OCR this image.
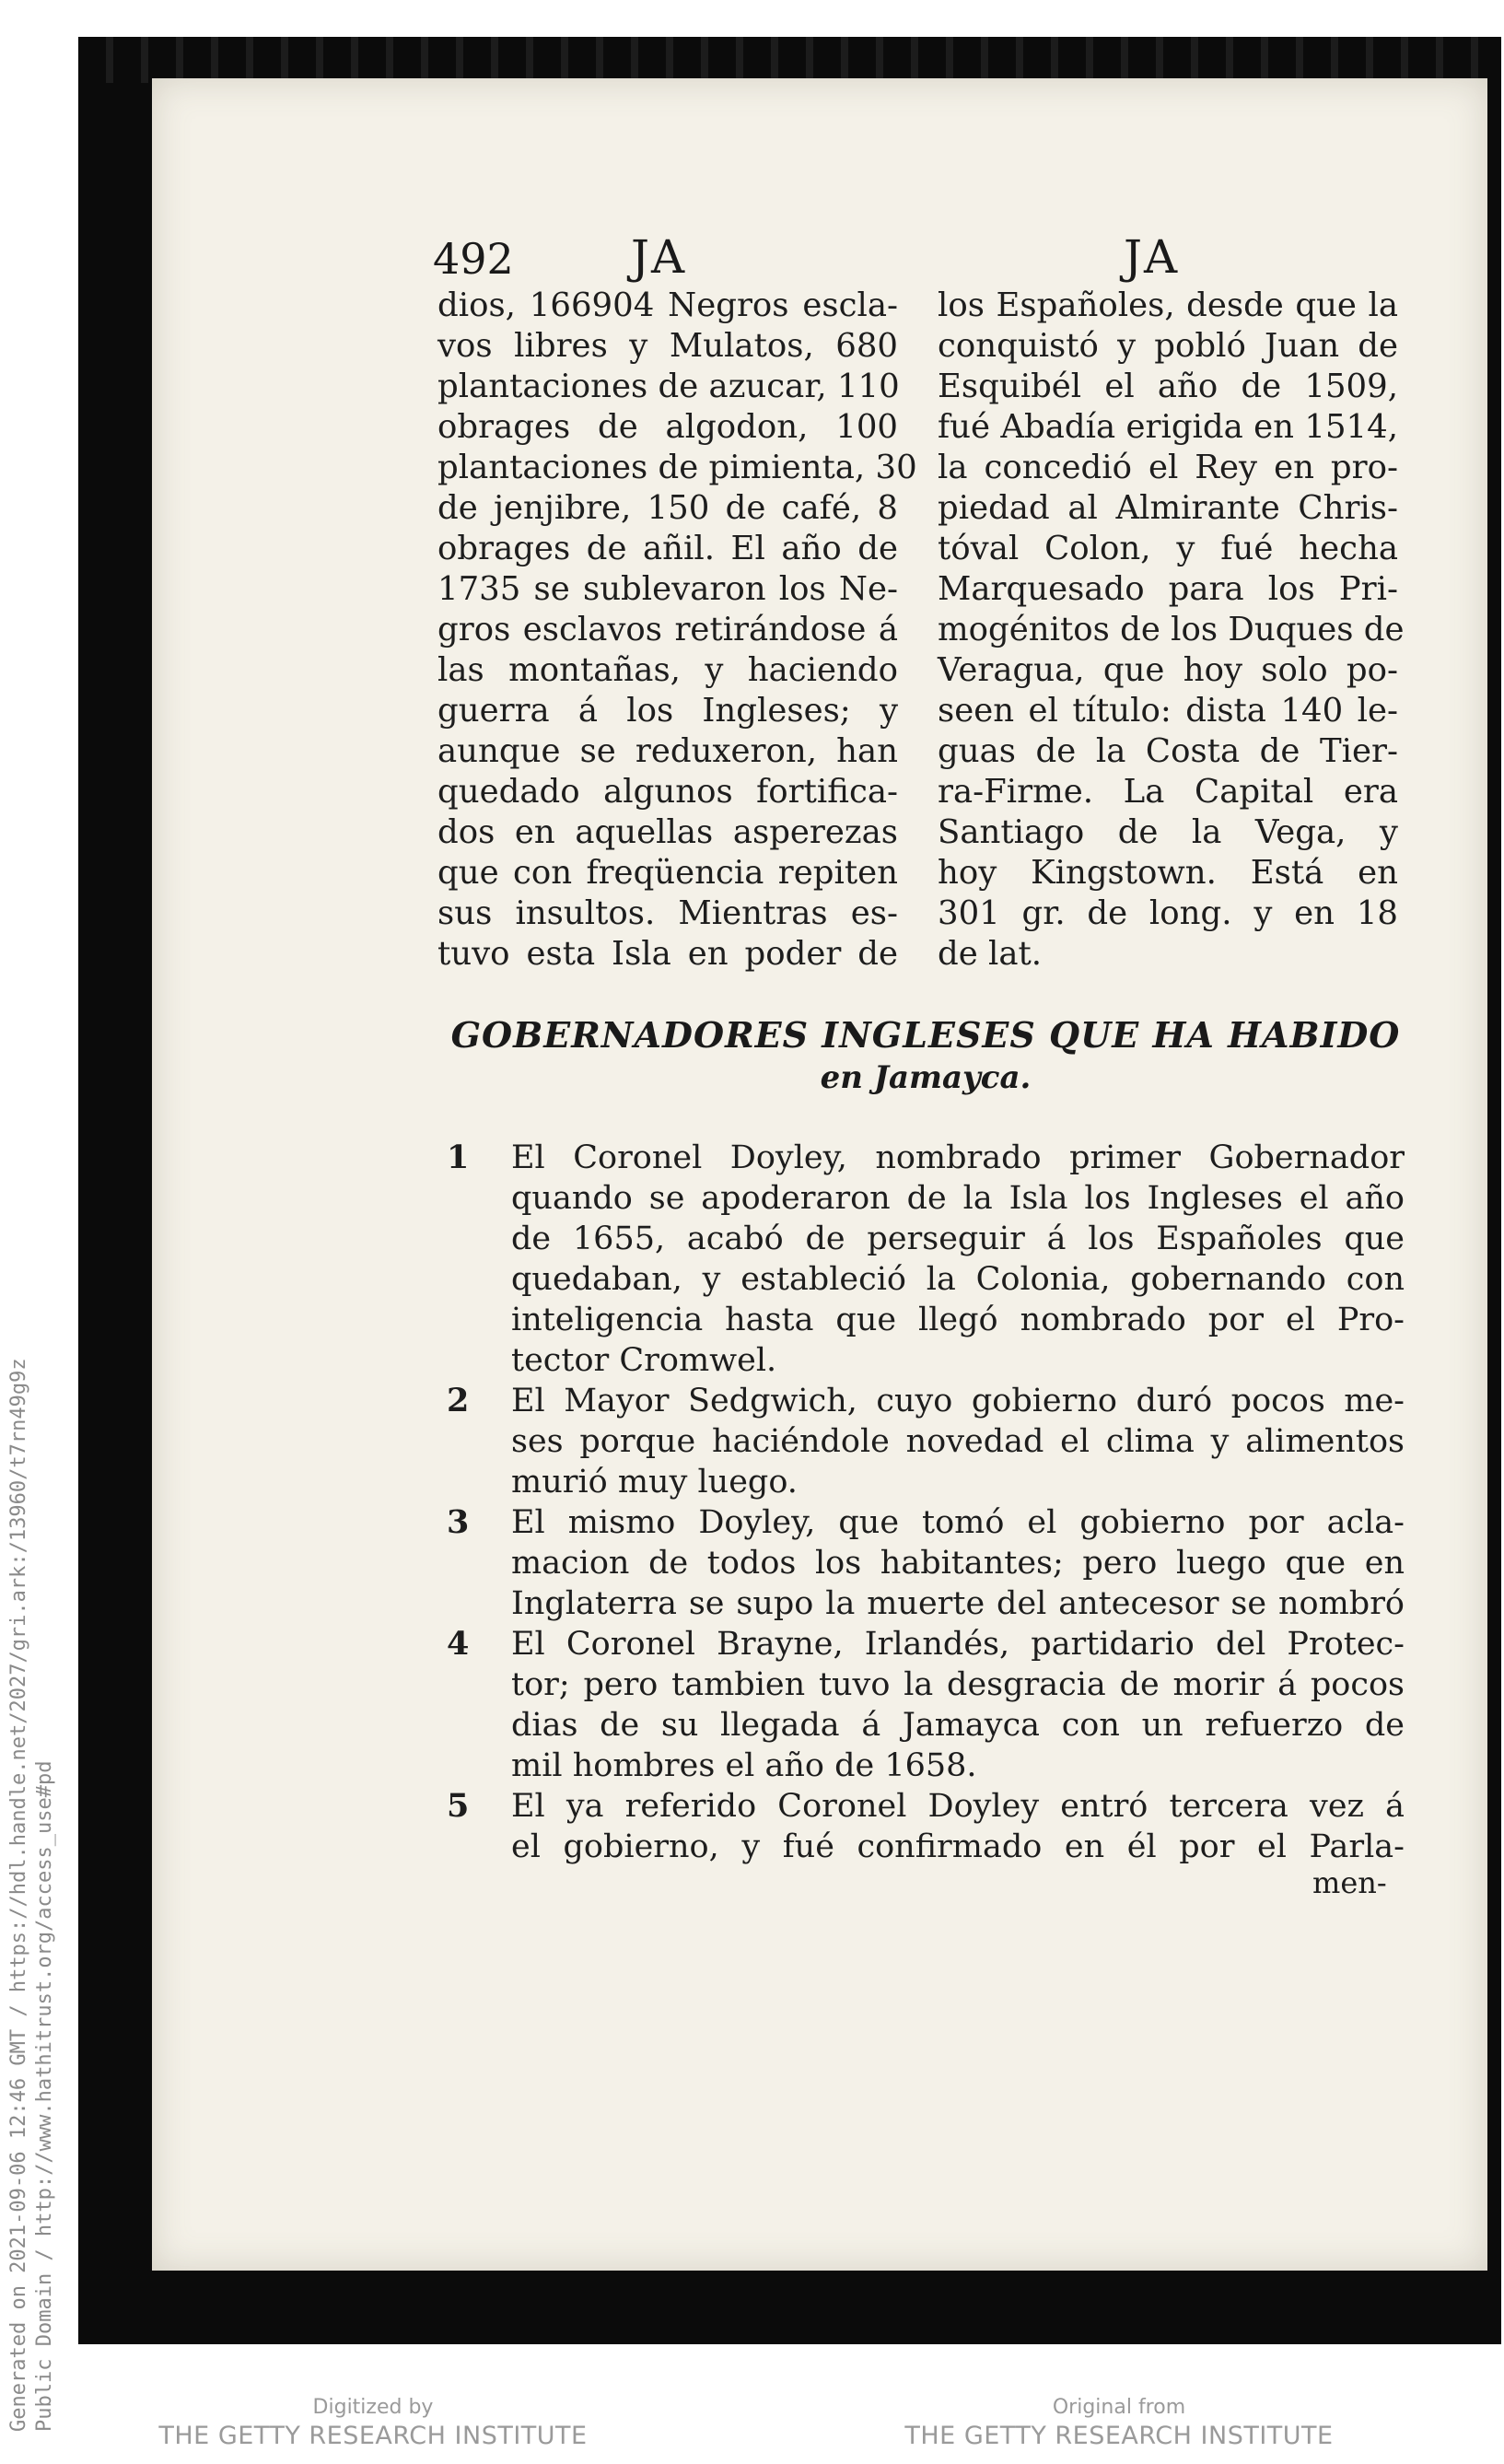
Generated on 2021-09-06 12:46 GMT / https://hdl.handle.net/2027/gri.ark:/13960/t7rn49g9z Public Domain / http://www.hathitrust.org/access_use#pd
492	JA	JA
dios, 166904 Negros escla-
vos libres y Mulatos, 680
plantaciones de azucar, 110
obrages de algodon, 100
plantaciones de pimienta, 30
de jenjibre, 150 de café, 8
obrages de añil. El año de
1735 se sublevaron los Ne-
gros esclavos retirándose á
las montañas, y haciendo
guerra á los Ingleses; y
aunque se reduxeron, han
quedado algunos fortifica-
dos en aquellas asperezas
que con freqüencia repiten
sus insultos. Mientras es-
tuvo esta Isla en poder de
los Españoles, desde que la
conquistó y pobló Juan de
Esquibél el año de 1509,
fué Abadía erigida en 1514,
la concedió el Rey en pro-
piedad al Almirante Chris-
tóval Colon, y fué hecha
Marquesado para los Pri-
mogénitos de los Duques de
Veragua, que hoy solo po-
seen el título: dista 140 le-
guas de la Costa de Tier-
ra-Firme. La Capital era
Santiago de la Vega, y
hoy Kingstown. Está en
301 gr. de long. y en 18
de lat.
GOBERNADORES INGLESES QUE HA HABIDO
en Jamayca.
1 El Coronel Doyley, nombrado primer Gobernador
quando se apoderaron de la Isla los Ingleses el año
de 1655, acabó de perseguir á los Españoles que
quedaban, y estableció la Colonia, gobernando con
inteligencia hasta que llegó nombrado por el Pro-
tector Cromwel.
2 El Mayor Sedgwich, cuyo gobierno duró pocos me-
ses porque haciéndole novedad el clima y alimentos
murió muy luego.
3 El mismo Doyley, que tomó el gobierno por acla-
macion de todos los habitantes; pero luego que en
Inglaterra se supo la muerte del antecesor se nombró
4 El Coronel Brayne, Irlandés, partidario del Protec-
tor; pero tambien tuvo la desgracia de morir á pocos
dias de su llegada á Jamayca con un refuerzo de
mil hombres el año de 1658.
5 El ya referido Coronel Doyley entró tercera vez á
el gobierno, y fué confirmado en él por el Parla-
men-
Digitized by
THE GETTY RESEARCH INSTITUTE
Original from
THE GETTY RESEARCH INSTITUTE
